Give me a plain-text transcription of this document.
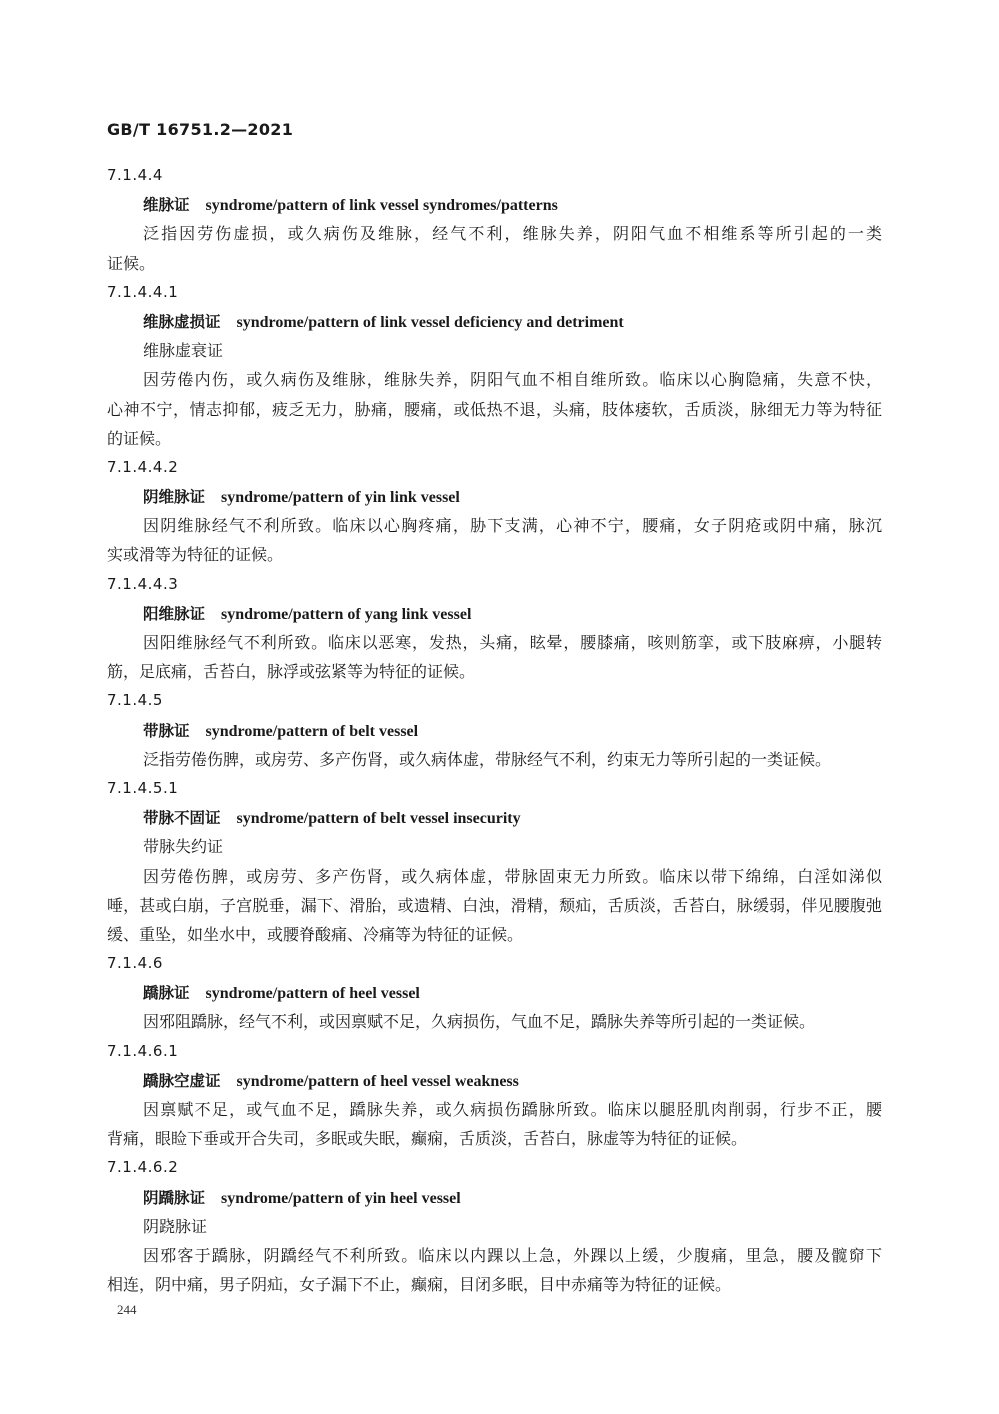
GB/T 16751.2—2021
7.1.4.4
维脉证 syndrome/pattern of link vessel syndromes/patterns
泛指因劳伤虚损，或久病伤及维脉，经气不利，维脉失养，阴阳气血不相维系等所引起的一类
证候。
7.1.4.4.1
维脉虚损证 syndrome/pattern of link vessel deficiency and detriment
维脉虚衰证
因劳倦内伤，或久病伤及维脉，维脉失养，阴阳气血不相自维所致。临床以心胸隐痛，失意不快，
心神不宁，情志抑郁，疲乏无力，胁痛，腰痛，或低热不退，头痛，肢体痿软，舌质淡，脉细无力等为特征
的证候。
7.1.4.4.2
阴维脉证 syndrome/pattern of yin link vessel
因阴维脉经气不利所致。临床以心胸疼痛，胁下支满，心神不宁，腰痛，女子阴疮或阴中痛，脉沉
实或滑等为特征的证候。
7.1.4.4.3
阳维脉证 syndrome/pattern of yang link vessel
因阳维脉经气不利所致。临床以恶寒，发热，头痛，眩晕，腰膝痛，咳则筋挛，或下肢麻痹，小腿转
筋，足底痛，舌苔白，脉浮或弦紧等为特征的证候。
7.1.4.5
带脉证 syndrome/pattern of belt vessel
泛指劳倦伤脾，或房劳、多产伤肾，或久病体虚，带脉经气不利，约束无力等所引起的一类证候。
7.1.4.5.1
带脉不固证 syndrome/pattern of belt vessel insecurity
带脉失约证
因劳倦伤脾，或房劳、多产伤肾，或久病体虚，带脉固束无力所致。临床以带下绵绵，白淫如涕似
唾，甚或白崩，子宫脱垂，漏下、滑胎，或遗精、白浊，滑精，颓疝，舌质淡，舌苔白，脉缓弱，伴见腰腹弛
缓、重坠，如坐水中，或腰脊酸痛、冷痛等为特征的证候。
7.1.4.6
蹻脉证 syndrome/pattern of heel vessel
因邪阻蹻脉，经气不利，或因禀赋不足，久病损伤，气血不足，蹻脉失养等所引起的一类证候。
7.1.4.6.1
蹻脉空虚证 syndrome/pattern of heel vessel weakness
因禀赋不足，或气血不足，蹻脉失养，或久病损伤蹻脉所致。临床以腿胫肌肉削弱，行步不正，腰
背痛，眼睑下垂或开合失司，多眠或失眠，癫痫，舌质淡，舌苔白，脉虚等为特征的证候。
7.1.4.6.2
阴蹻脉证 syndrome/pattern of yin heel vessel
阴跷脉证
因邪客于蹻脉，阴蹻经气不利所致。临床以内踝以上急，外踝以上缓，少腹痛，里急，腰及髋窌下
相连，阴中痛，男子阴疝，女子漏下不止，癫痫，目闭多眠，目中赤痛等为特征的证候。
244
